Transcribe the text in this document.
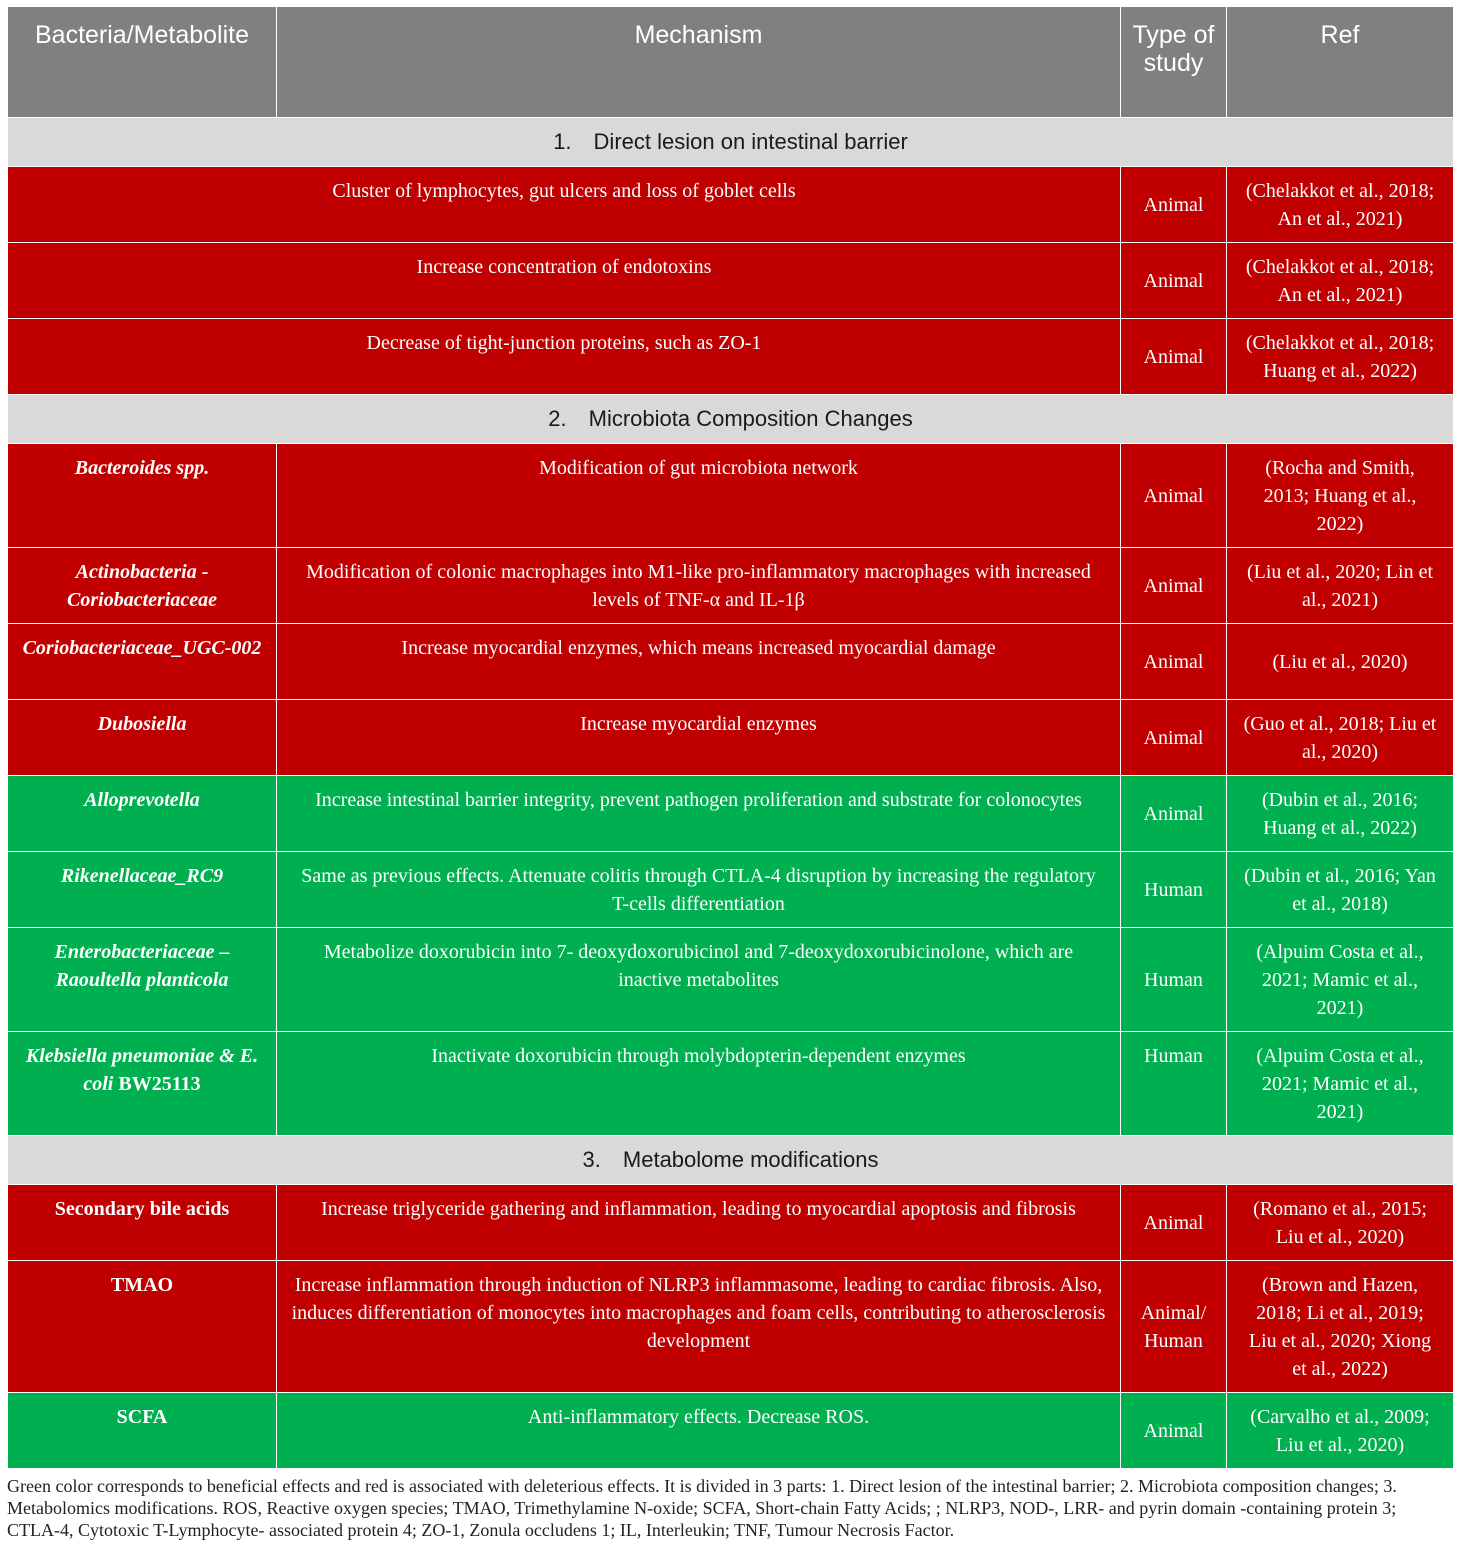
Bacteria/Metabolite	Mechanism	Type of study	Ref
1. Direct lesion on intestinal barrier			
Cluster of lymphocytes, gut ulcers and loss of goblet cells		Animal	(Chelakkot et al., 2018; An et al., 2021)
Increase concentration of endotoxins		Animal	(Chelakkot et al., 2018; An et al., 2021)
Decrease of tight-junction proteins, such as ZO-1		Animal	(Chelakkot et al., 2018; Huang et al., 2022)
2. Microbiota Composition Changes			
Bacteroides spp.	Modification of gut microbiota network	Animal	(Rocha and Smith, 2013; Huang et al., 2022)
Actinobacteria - Coriobacteriaceae	Modification of colonic macrophages into M1-like pro-inflammatory macrophages with increased levels of TNF-α and IL-1β	Animal	(Liu et al., 2020; Lin et al., 2021)
Coriobacteriaceae_UGC-002	Increase myocardial enzymes, which means increased myocardial damage	Animal	(Liu et al., 2020)
Dubosiella	Increase myocardial enzymes	Animal	(Guo et al., 2018; Liu et al., 2020)
Alloprevotella	Increase intestinal barrier integrity, prevent pathogen proliferation and substrate for colonocytes	Animal	(Dubin et al., 2016; Huang et al., 2022)
Rikenellaceae_RC9	Same as previous effects. Attenuate colitis through CTLA-4 disruption by increasing the regulatory T-cells differentiation	Human	(Dubin et al., 2016; Yan et al., 2018)
Enterobacteriaceae – Raoultella planticola	Metabolize doxorubicin into 7- deoxydoxorubicinol and 7-deoxydoxorubicinolone, which are inactive metabolites	Human	(Alpuim Costa et al., 2021; Mamic et al., 2021)
Klebsiella pneumoniae & E. coli BW25113	Inactivate doxorubicin through molybdopterin-dependent enzymes	Human	(Alpuim Costa et al., 2021; Mamic et al., 2021)
3. Metabolome modifications			
Secondary bile acids	Increase triglyceride gathering and inflammation, leading to myocardial apoptosis and fibrosis	Animal	(Romano et al., 2015; Liu et al., 2020)
TMAO	Increase inflammation through induction of NLRP3 inflammasome, leading to cardiac fibrosis. Also, induces differentiation of monocytes into macrophages and foam cells, contributing to atherosclerosis development	Animal/ Human	(Brown and Hazen, 2018; Li et al., 2019; Liu et al., 2020; Xiong et al., 2022)
SCFA	Anti-inflammatory effects. Decrease ROS.	Animal	(Carvalho et al., 2009; Liu et al., 2020)
Green color corresponds to beneficial effects and red is associated with deleterious effects. It is divided in 3 parts: 1. Direct lesion of the intestinal barrier; 2. Microbiota composition changes; 3. Metabolomics modifications. ROS, Reactive oxygen species; TMAO, Trimethylamine N-oxide; SCFA, Short-chain Fatty Acids; ; NLRP3, NOD-, LRR- and pyrin domain -containing protein 3; CTLA-4, Cytotoxic T-Lymphocyte- associated protein 4; ZO-1, Zonula occludens 1; IL, Interleukin; TNF, Tumour Necrosis Factor.
